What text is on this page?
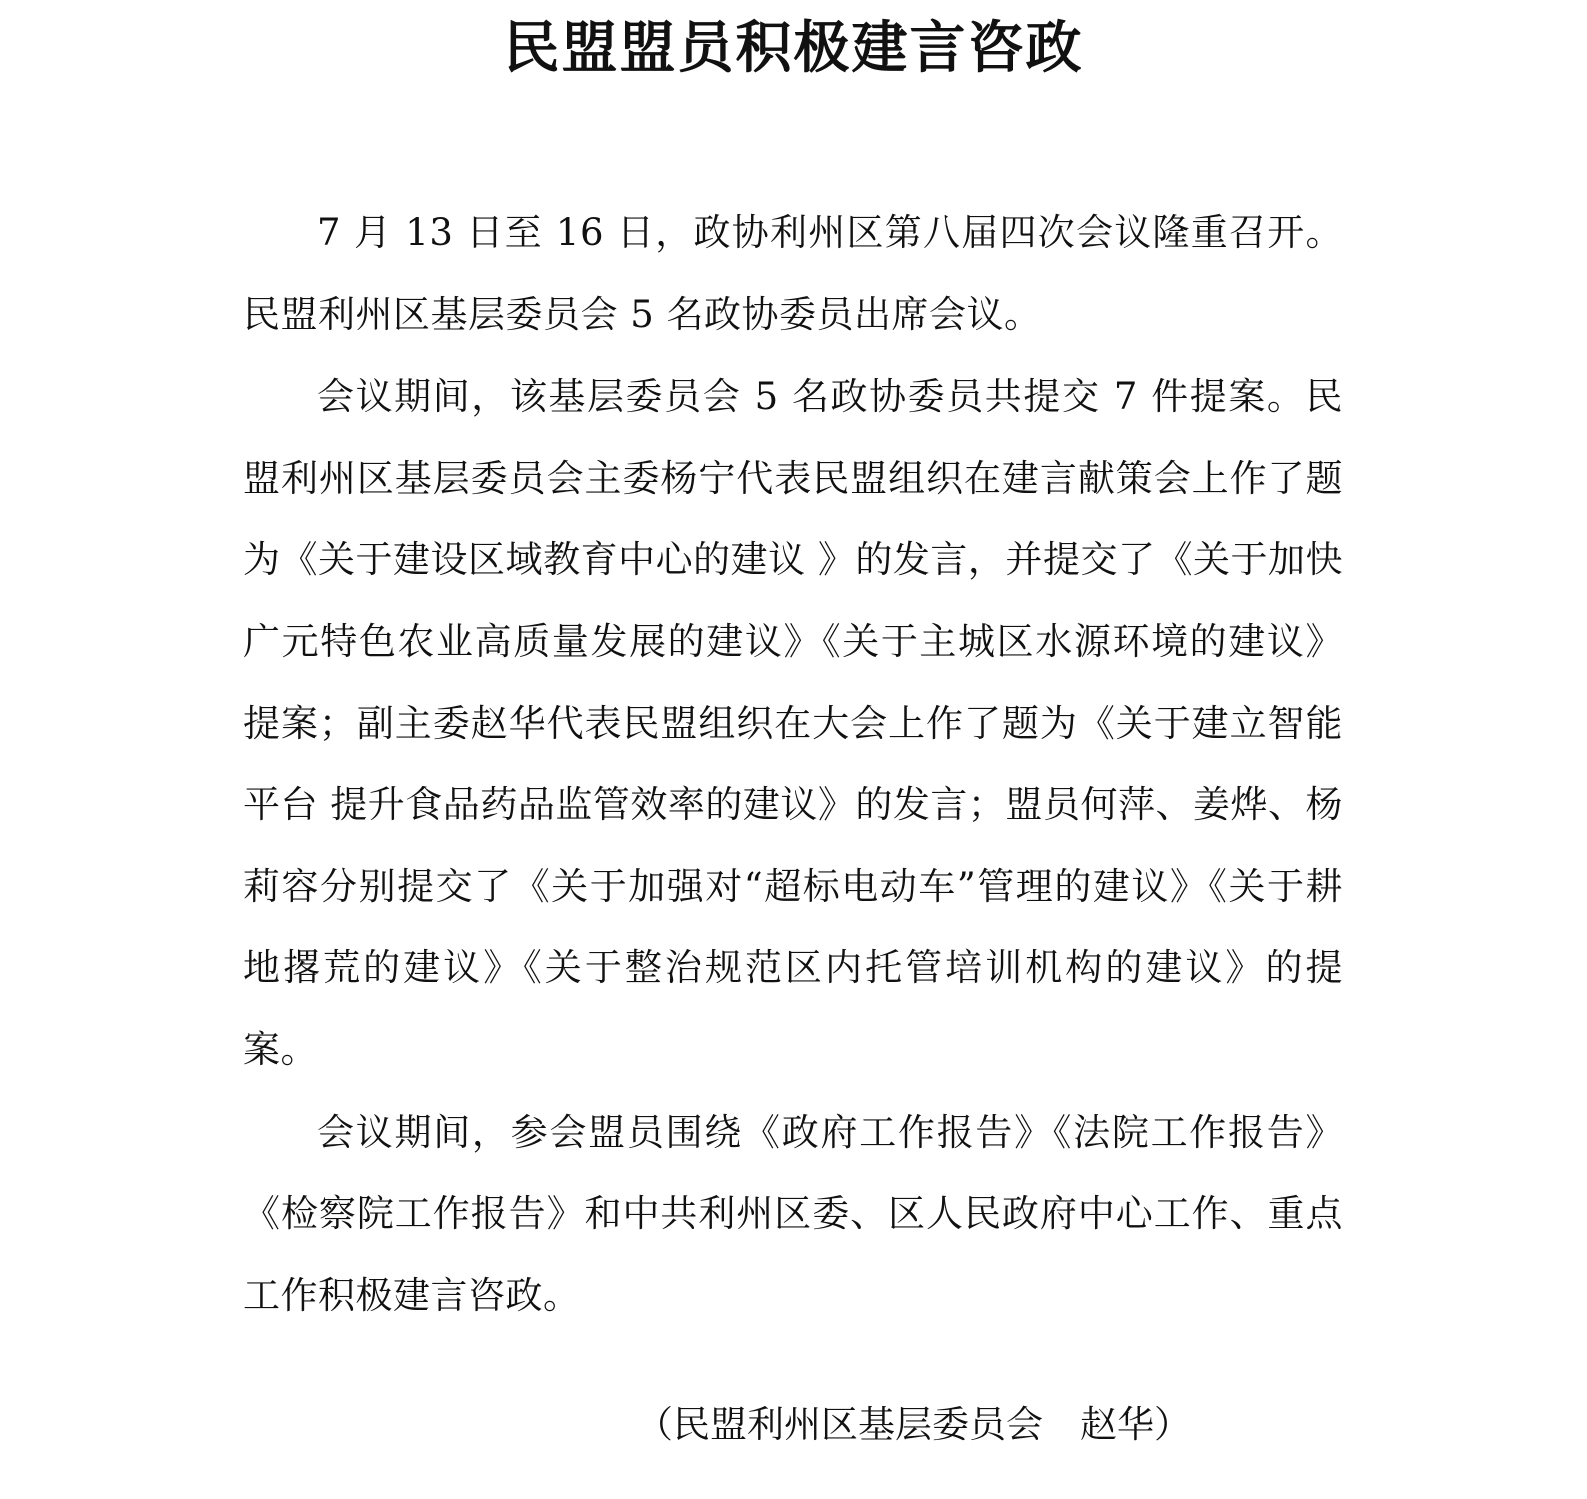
民盟盟员积极建言咨政

7 月 13 日至 16 日，政协利州区第八届四次会议隆重召开。民盟利州区基层委员会 5 名政协委员出席会议。

会议期间，该基层委员会 5 名政协委员共提交 7 件提案。民盟利州区基层委员会主委杨宁代表民盟组织在建言献策会上作了题为《关于建设区域教育中心的建议 》的发言，并提交了《关于加快广元特色农业高质量发展的建议》《关于主城区水源环境的建议》提案；副主委赵华代表民盟组织在大会上作了题为《关于建立智能平台 提升食品药品监管效率的建议》的发言；盟员何萍、姜烨、杨莉容分别提交了《关于加强对“超标电动车”管理的建议》《关于耕地撂荒的建议》《关于整治规范区内托管培训机构的建议》的提案。

会议期间，参会盟员围绕《政府工作报告》《法院工作报告》《检察院工作报告》和中共利州区委、区人民政府中心工作、重点工作积极建言咨政。

（民盟利州区基层委员会　赵华）
